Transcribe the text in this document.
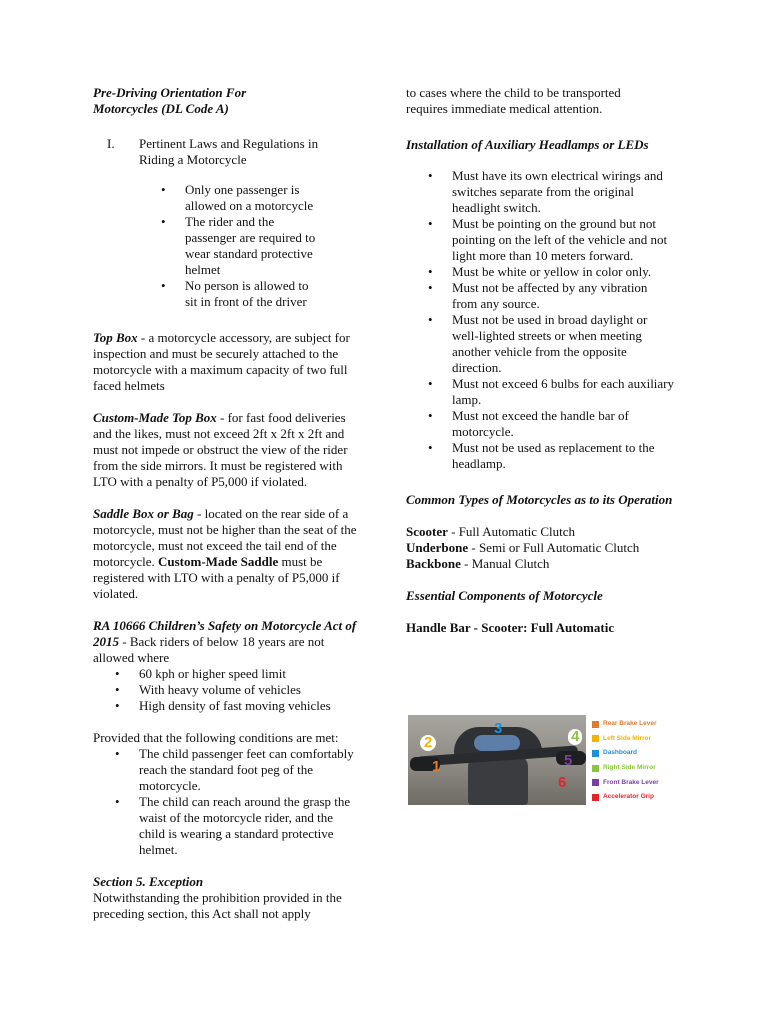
Pre-Driving Orientation For Motorcycles (DL Code A)

I.	Pertinent Laws and Regulations in Riding a Motorcycle
• Only one passenger is allowed on a motorcycle
• The rider and the passenger are required to wear standard protective helmet
• No person is allowed to sit in front of the driver

Top Box - a motorcycle accessory, are subject for inspection and must be securely attached to the motorcycle with a maximum capacity of two full faced helmets

Custom-Made Top Box - for fast food deliveries and the likes, must not exceed 2ft x 2ft x 2ft and must not impede or obstruct the view of the rider from the side mirrors. It must be registered with LTO with a penalty of P5,000 if violated.

Saddle Box or Bag - located on the rear side of a motorcycle, must not be higher than the seat of the motorcycle, must not exceed the tail end of the motorcycle. Custom-Made Saddle must be registered with LTO with a penalty of P5,000 if violated.

RA 10666 Children’s Safety on Motorcycle Act of 2015 - Back riders of below 18 years are not allowed where

• 60 kph or higher speed limit
• With heavy volume of vehicles
• High density of fast moving vehicles

Provided that the following conditions are met:

• The child passenger feet can comfortably reach the standard foot peg of the motorcycle.
• The child can reach around the grasp the waist of the motorcycle rider, and the child is wearing a standard protective helmet.

Section 5. Exception

Notwithstanding the prohibition provided in the preceding section, this Act shall not apply

to cases where the child to be transported requires immediate medical attention.

Installation of Auxiliary Headlamps or LEDs

• Must have its own electrical wirings and switches separate from the original headlight switch.
• Must be pointing on the ground but not pointing on the left of the vehicle and not light more than 10 meters forward.
• Must be white or yellow in color only.
• Must not be affected by any vibration from any source.
• Must not be used in broad daylight or well-lighted streets or when meeting another vehicle from the opposite direction.
• Must not exceed 6 bulbs for each auxiliary lamp.
• Must not exceed the handle bar of motorcycle.
• Must not be used as replacement to the headlamp.

Common Types of Motorcycles as to its Operation

Scooter - Full Automatic Clutch
Underbone - Semi or Full Automatic Clutch
Backbone - Manual Clutch

Essential Components of Motorcycle

Handle Bar - Scooter: Full Automatic

1
2
3	4
5
6
Rear Brake Lever
Left Side Mirror
Dashboard
Right Side Mirror
Front Brake Lever
Accelerator Grip
